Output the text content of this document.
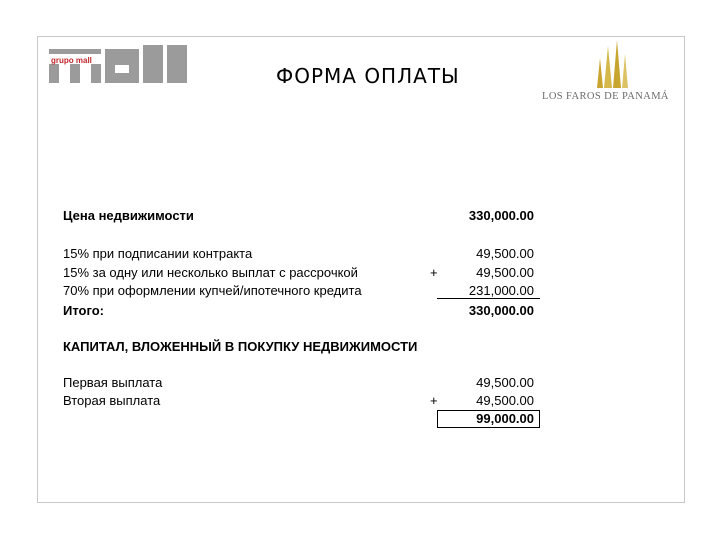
grupo mall
ФОРМА ОПЛАТЫ
LOS FAROS DE PANAMÁ
Цена недвижимости	330,000.00
15% при подписании контракта	49,500.00
15% за одну или несколько выплат с рассрочкой	+	49,500.00
70% при оформлении купчей/ипотечного кредита	231,000.00
Итого:	330,000.00
КАПИТАЛ, ВЛОЖЕННЫЙ В ПОКУПКУ НЕДВИЖИМОСТИ
Первая выплата	49,500.00
Вторая выплата	+	49,500.00
99,000.00
